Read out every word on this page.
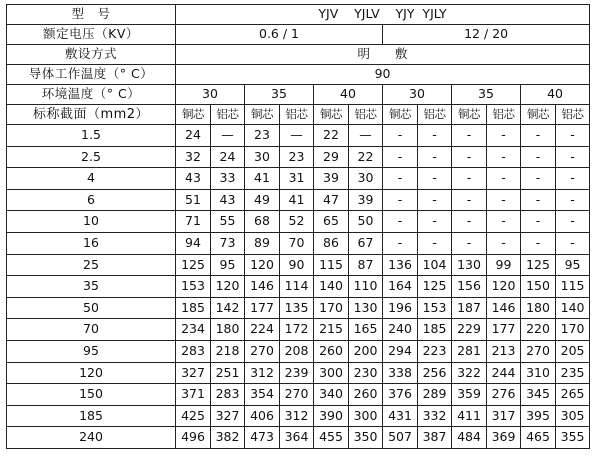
型　号	YJV    YJLV    YJY  YJLY											
额定电压（KV）	0.6 / 1						12 / 20					
敷设方式	明　　敷											
导体工作温度（° C）	90											
环境温度（° C）	30		35		40		30		35		40	
标称截面（mm2）	铜芯	铝芯	铜芯	铝芯	铜芯	铝芯	铜芯	铝芯	铜芯	铝芯	铜芯	铝芯
1.5	24	—	23	—	22	—	-	-	-	-	-	-
2.5	32	24	30	23	29	22	-	-	-	-	-	-
4	43	33	41	31	39	30	-	-	-	-	-	-
6	51	43	49	41	47	39	-	-	-	-	-	-
10	71	55	68	52	65	50	-	-	-	-	-	-
16	94	73	89	70	86	67	-	-	-	-	-	-
25	125	95	120	90	115	87	136	104	130	99	125	95
35	153	120	146	114	140	110	164	125	156	120	150	115
50	185	142	177	135	170	130	196	153	187	146	180	140
70	234	180	224	172	215	165	240	185	229	177	220	170
95	283	218	270	208	260	200	294	223	281	213	270	205
120	327	251	312	239	300	230	338	256	322	244	310	235
150	371	283	354	270	340	260	376	289	359	276	345	265
185	425	327	406	312	390	300	431	332	411	317	395	305
240	496	382	473	364	455	350	507	387	484	369	465	355
